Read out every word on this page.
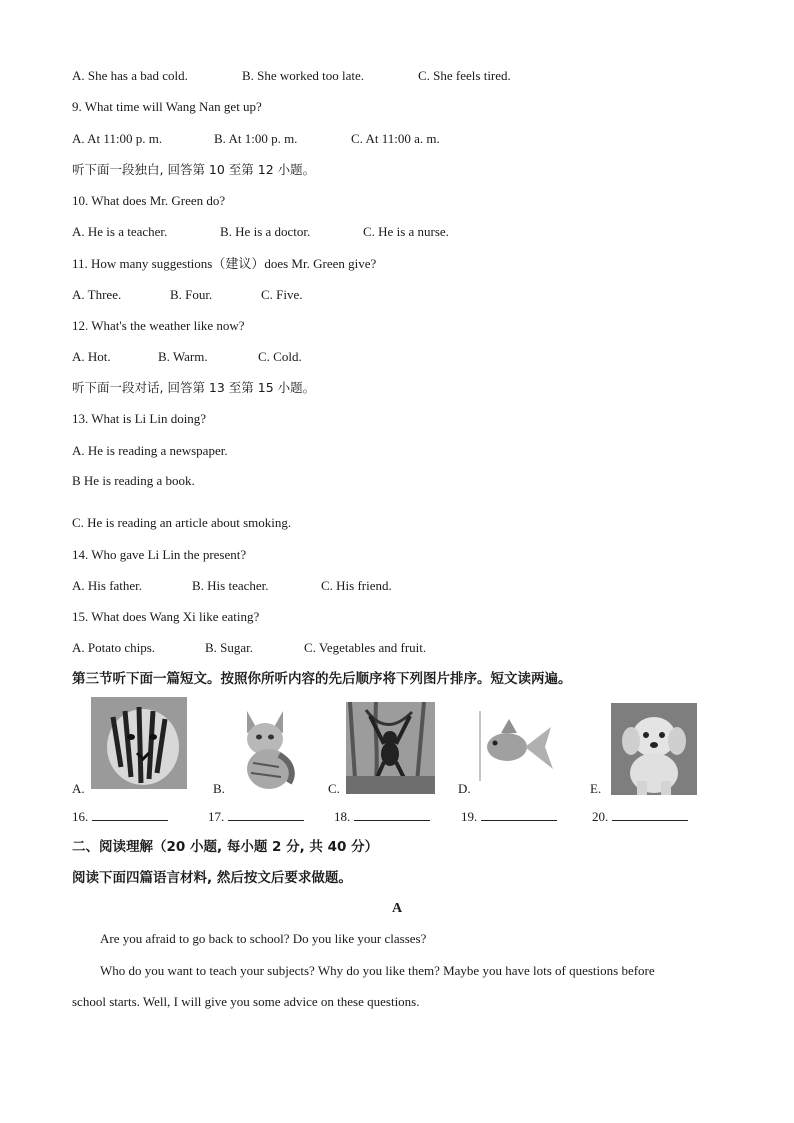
A. She has a bad cold.	B. She worked too late.	C. She feels tired.
9. What time will Wang Nan get up?
A. At 11:00 p. m.	B. At 1:00 p. m.	C. At 11:00 a. m.
听下面一段独白, 回答第 10 至第 12 小题。
10. What does Mr. Green do?
A. He is a teacher.	B. He is a doctor.	C. He is a nurse.
11. How many suggestions（建议）does Mr. Green give?
A. Three.	B. Four.	C. Five.
12. What's the weather like now?
A. Hot.	B. Warm.	C. Cold.
听下面一段对话, 回答第 13 至第 15 小题。
13. What is Li Lin doing?
A. He is reading a newspaper.
B He is reading a book.
C. He is reading an article about smoking.
14. Who gave Li Lin the present?
A. His father.	B. His teacher.	C. His friend.
15. What does Wang Xi like eating?
A. Potato chips.	B. Sugar.	C. Vegetables and fruit.
第三节听下面一篇短文。按照你所听内容的先后顺序将下列图片排序。短文读两遍。
A.	B.	C.	D.	E.
16.	17.	18.	19.	20.
二、阅读理解（20 小题, 每小题 2 分, 共 40 分）
阅读下面四篇语言材料, 然后按文后要求做题。
A
Are you afraid to go back to school? Do you like your classes?
Who do you want to teach your subjects? Why do you like them? Maybe you have lots of questions before
school starts. Well, I will give you some advice on these questions.
